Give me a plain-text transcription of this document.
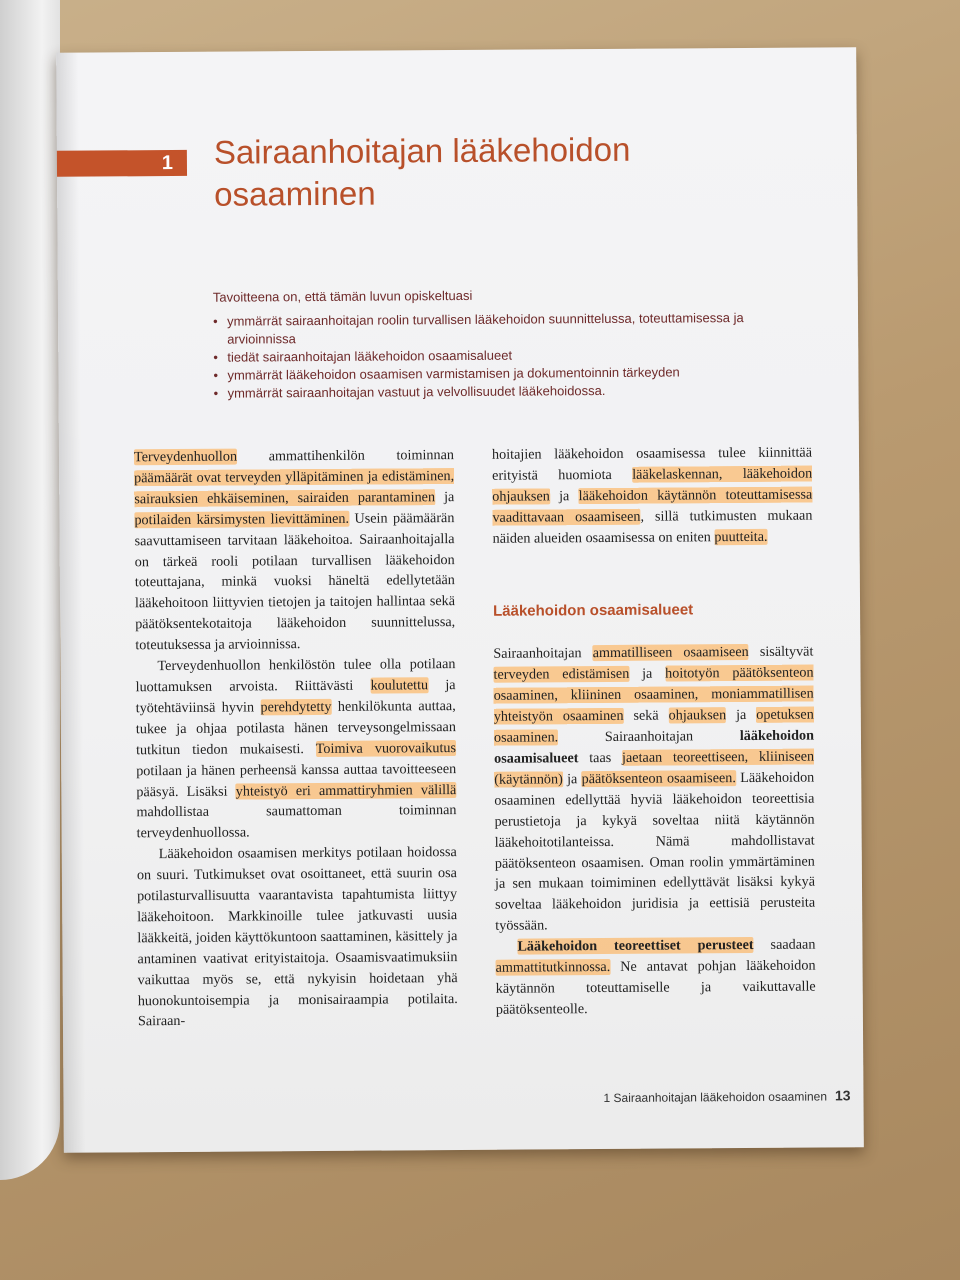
1 Sairaanhoitajan lääkehoidon osaaminen

Tavoitteena on, että tämän luvun opiskeltuasi

• ymmärrät sairaanhoitajan roolin turvallisen lääkehoidon suunnittelussa, toteuttamisessa ja arvioinnissa
• tiedät sairaanhoitajan lääkehoidon osaamisalueet
• ymmärrät lääkehoidon osaamisen varmistamisen ja dokumentoinnin tärkeyden
• ymmärrät sairaanhoitajan vastuut ja velvollisuudet lääkehoidossa.

Terveydenhuollon ammattihenkilön toiminnan päämäärät ovat terveyden ylläpitäminen ja edistäminen, sairauksien ehkäiseminen, sairaiden parantaminen ja potilaiden kärsimysten lievittäminen. Usein päämäärän saavuttamiseen tarvitaan lääkehoitoa. Sairaanhoitajalla on tärkeä rooli potilaan turvallisen lääkehoidon toteuttajana, minkä vuoksi häneltä edellytetään lääkehoitoon liittyvien tietojen ja taitojen hallintaa sekä päätöksentekotaitoja lääkehoidon suunnittelussa, toteutuksessa ja arvioinnissa.

Terveydenhuollon henkilöstön tulee olla potilaan luottamuksen arvoista. Riittävästi koulutettu ja työtehtäviinsä hyvin perehdytetty henkilökunta auttaa, tukee ja ohjaa potilasta hänen terveysongelmissaan tutkitun tiedon mukaisesti. Toimiva vuorovaikutus potilaan ja hänen perheensä kanssa auttaa tavoitteeseen pääsyä. Lisäksi yhteistyö eri ammattiryhmien välillä mahdollistaa saumattoman toiminnan terveydenhuollossa.

Lääkehoidon osaamisen merkitys potilaan hoidossa on suuri. Tutkimukset ovat osoittaneet, että suurin osa potilasturvallisuutta vaarantavista tapahtumista liittyy lääkehoitoon. Markkinoille tulee jatkuvasti uusia lääkkeitä, joiden käyttökuntoon saattaminen, käsittely ja antaminen vaativat erityistaitoja. Osaamisvaatimuksiin vaikuttaa myös se, että nykyisin hoidetaan yhä huonokuntoisempia ja monisairaampia potilaita. Sairaan-

hoitajien lääkehoidon osaamisessa tulee kiinnittää erityistä huomiota lääkelaskennan, lääkehoidon ohjauksen ja lääkehoidon käytännön toteuttamisessa vaadittavaan osaamiseen, sillä tutkimusten mukaan näiden alueiden osaamisessa on eniten puutteita.

Lääkehoidon osaamisalueet

Sairaanhoitajan ammatilliseen osaamiseen sisältyvät terveyden edistämisen ja hoitotyön päätöksenteon osaaminen, kliininen osaaminen, moniammatillisen yhteistyön osaaminen sekä ohjauksen ja opetuksen osaaminen. Sairaanhoitajan lääkehoidon osaamisalueet taas jaetaan teoreettiseen, kliiniseen (käytännön) ja päätöksenteon osaamiseen. Lääkehoidon osaaminen edellyttää hyviä lääkehoidon teoreettisia perustietoja ja kykyä soveltaa niitä käytännön lääkehoitotilanteissa. Nämä mahdollistavat päätöksenteon osaamisen. Oman roolin ymmärtäminen ja sen mukaan toimiminen edellyttävät lisäksi kykyä soveltaa lääkehoidon juridisia ja eettisiä perusteita työssään.

Lääkehoidon teoreettiset perusteet saadaan ammattitutkinnossa. Ne antavat pohjan lääkehoidon käytännön toteuttamiselle ja vaikuttavalle päätöksenteolle.

1 Sairaanhoitajan lääkehoidon osaaminen 13
